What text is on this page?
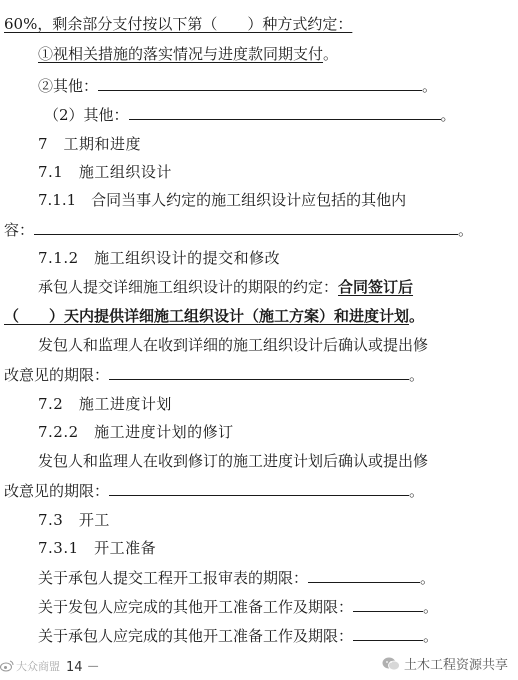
60%，剩余部分支付按以下第（　　）种方式约定：
①视相关措施的落实情况与进度款同期支付。
②其他：	。
（2）其他：	。
7　工期和进度
7.1　施工组织设计
7.1.1　合同当事人约定的施工组织设计应包括的其他内
容：	。
7.1.2　施工组织设计的提交和修改
承包人提交详细施工组织设计的期限的约定：合同签订后
（　　）天内提供详细施工组织设计（施工方案）和进度计划。
发包人和监理人在收到详细的施工组织设计后确认或提出修
改意见的期限：	。
7.2　施工进度计划
7.2.2　施工进度计划的修订
发包人和监理人在收到修订的施工进度计划后确认或提出修
改意见的期限：	。
7.3　开工
7.3.1　开工准备
关于承包人提交工程开工报审表的期限：	。
关于发包人应完成的其他开工准备工作及期限：	。
关于承包人应完成的其他开工准备工作及期限：	。
大众商盟 14 －	土木工程资源共享
